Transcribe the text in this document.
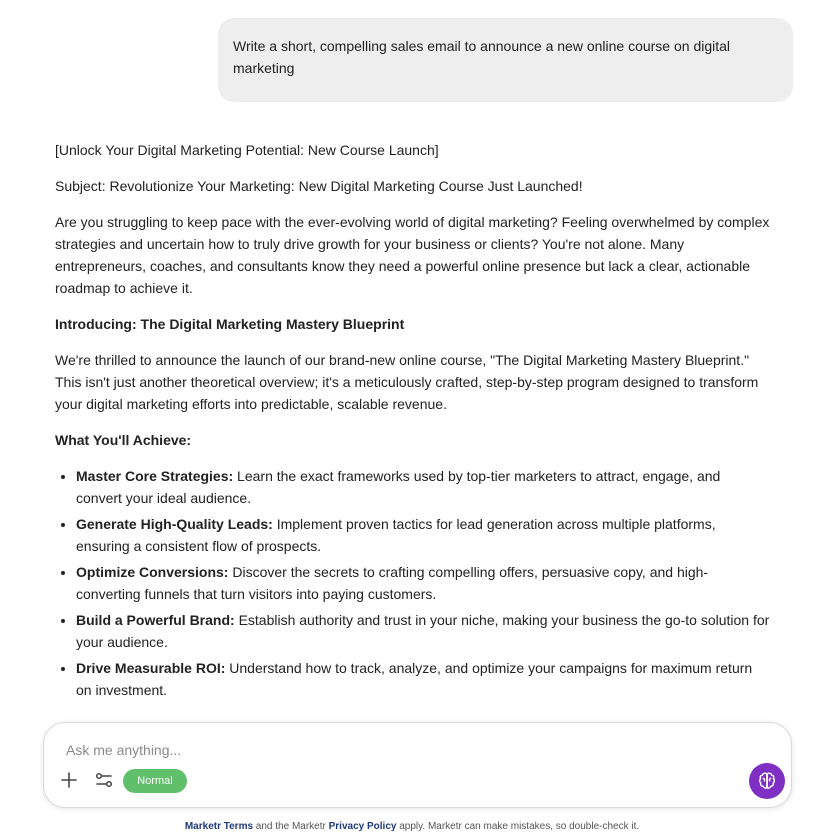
Write a short, compelling sales email to announce a new online course on digital marketing

[Unlock Your Digital Marketing Potential: New Course Launch]

Subject: Revolutionize Your Marketing: New Digital Marketing Course Just Launched!

Are you struggling to keep pace with the ever-evolving world of digital marketing? Feeling overwhelmed by complex strategies and uncertain how to truly drive growth for your business or clients? You're not alone. Many entrepreneurs, coaches, and consultants know they need a powerful online presence but lack a clear, actionable roadmap to achieve it.

Introducing: The Digital Marketing Mastery Blueprint

We're thrilled to announce the launch of our brand-new online course, "The Digital Marketing Mastery Blueprint." This isn't just another theoretical overview; it's a meticulously crafted, step-by-step program designed to transform your digital marketing efforts into predictable, scalable revenue.

What You'll Achieve:

• Master Core Strategies: Learn the exact frameworks used by top-tier marketers to attract, engage, and convert your ideal audience.
• Generate High-Quality Leads: Implement proven tactics for lead generation across multiple platforms, ensuring a consistent flow of prospects.
• Optimize Conversions: Discover the secrets to crafting compelling offers, persuasive copy, and high-converting funnels that turn visitors into paying customers.
• Build a Powerful Brand: Establish authority and trust in your niche, making your business the go-to solution for your audience.
• Drive Measurable ROI: Understand how to track, analyze, and optimize your campaigns for maximum return on investment.
Ask me anything...
Normal
Marketr Terms and the Marketr Privacy Policy apply. Marketr can make mistakes, so double-check it.
